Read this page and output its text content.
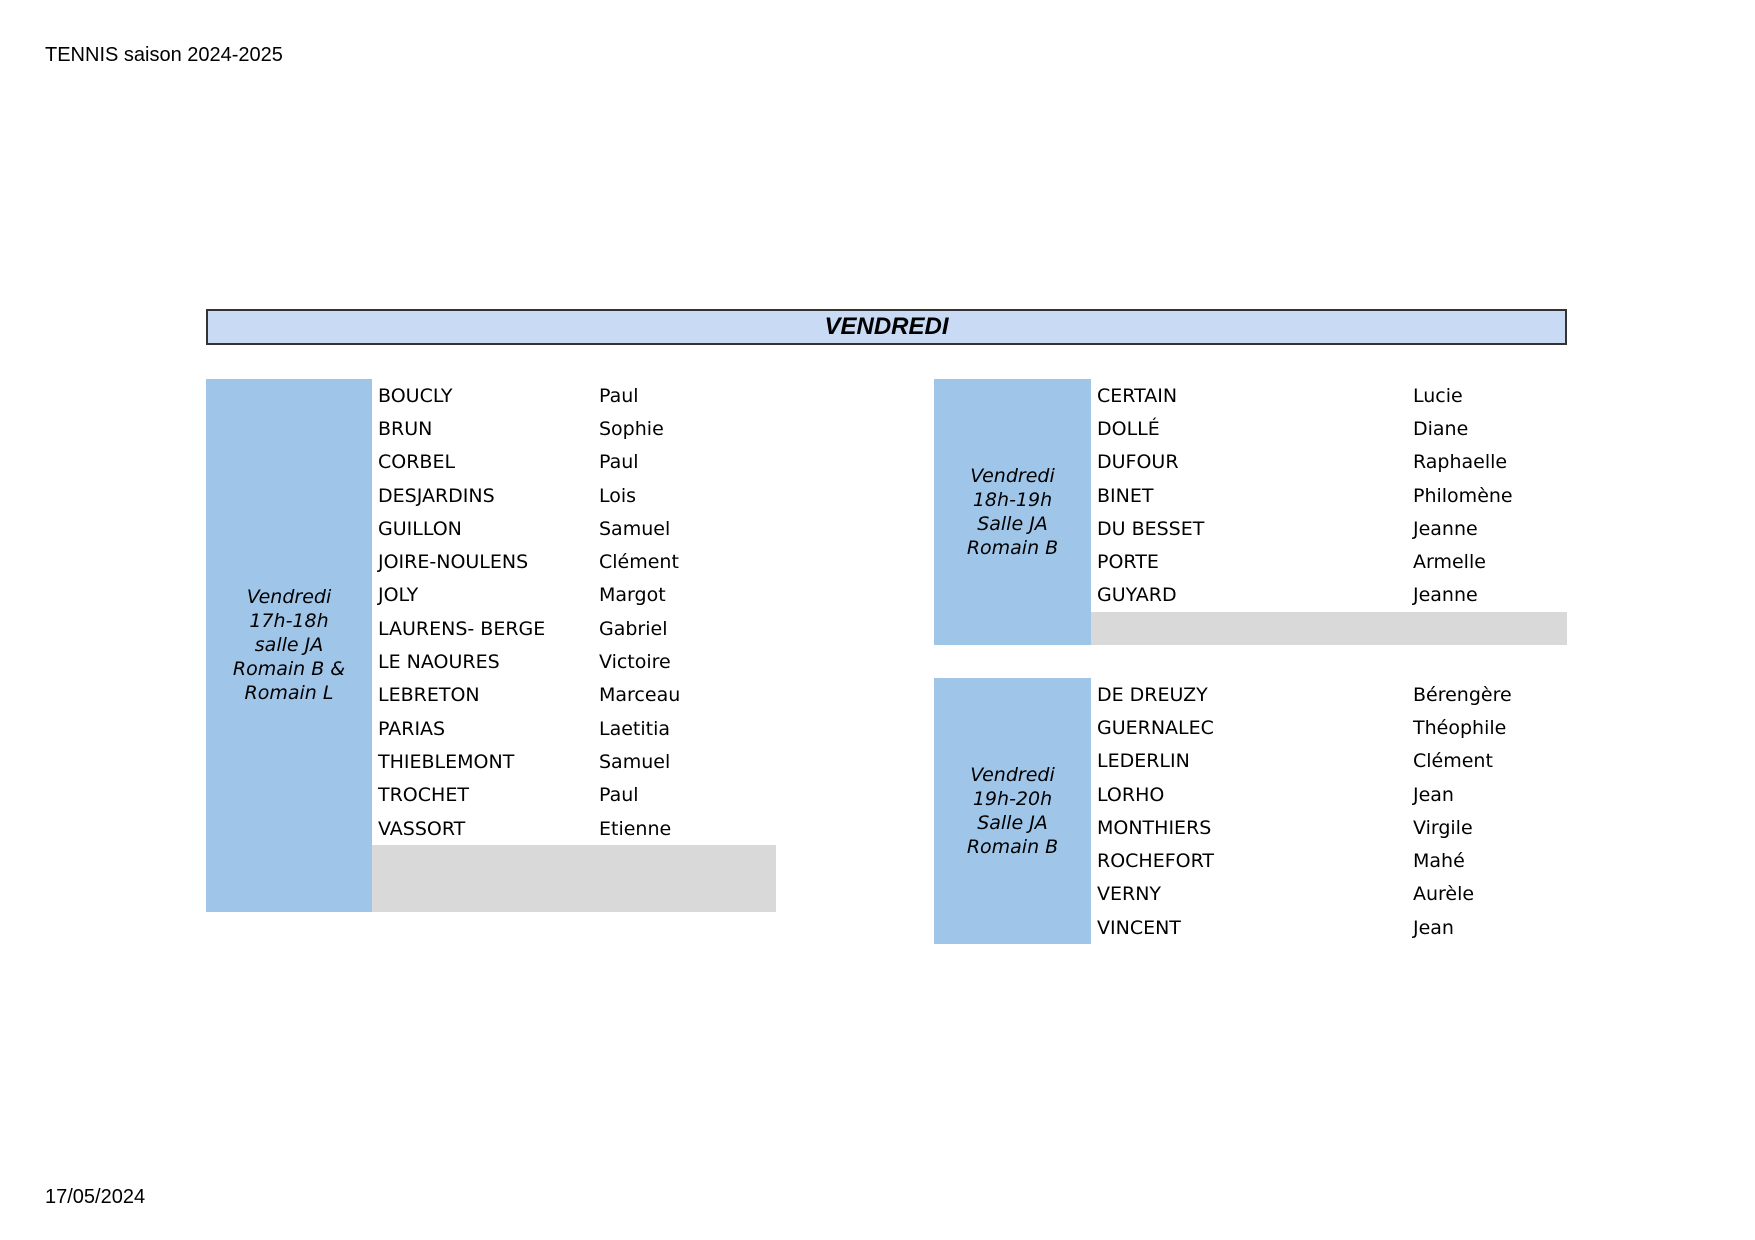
TENNIS saison 2024-2025
VENDREDI
Vendredi
17h-18h
salle JA
Romain B &
Romain L
BOUCLY	Paul
BRUN	Sophie
CORBEL	Paul
DESJARDINS	Lois
GUILLON	Samuel
JOIRE-NOULENS	Clément
JOLY	Margot
LAURENS- BERGE	Gabriel
LE NAOURES	Victoire
LEBRETON	Marceau
PARIAS	Laetitia
THIEBLEMONT	Samuel
TROCHET	Paul
VASSORT	Etienne
Vendredi
18h-19h
Salle JA
Romain B
CERTAIN	Lucie
DOLLÉ	Diane
DUFOUR	Raphaelle
BINET	Philomène
DU BESSET	Jeanne
PORTE	Armelle
GUYARD	Jeanne
Vendredi
19h-20h
Salle JA
Romain B
DE DREUZY	Bérengère
GUERNALEC	Théophile
LEDERLIN	Clément
LORHO	Jean
MONTHIERS	Virgile
ROCHEFORT	Mahé
VERNY	Aurèle
VINCENT	Jean
17/05/2024
